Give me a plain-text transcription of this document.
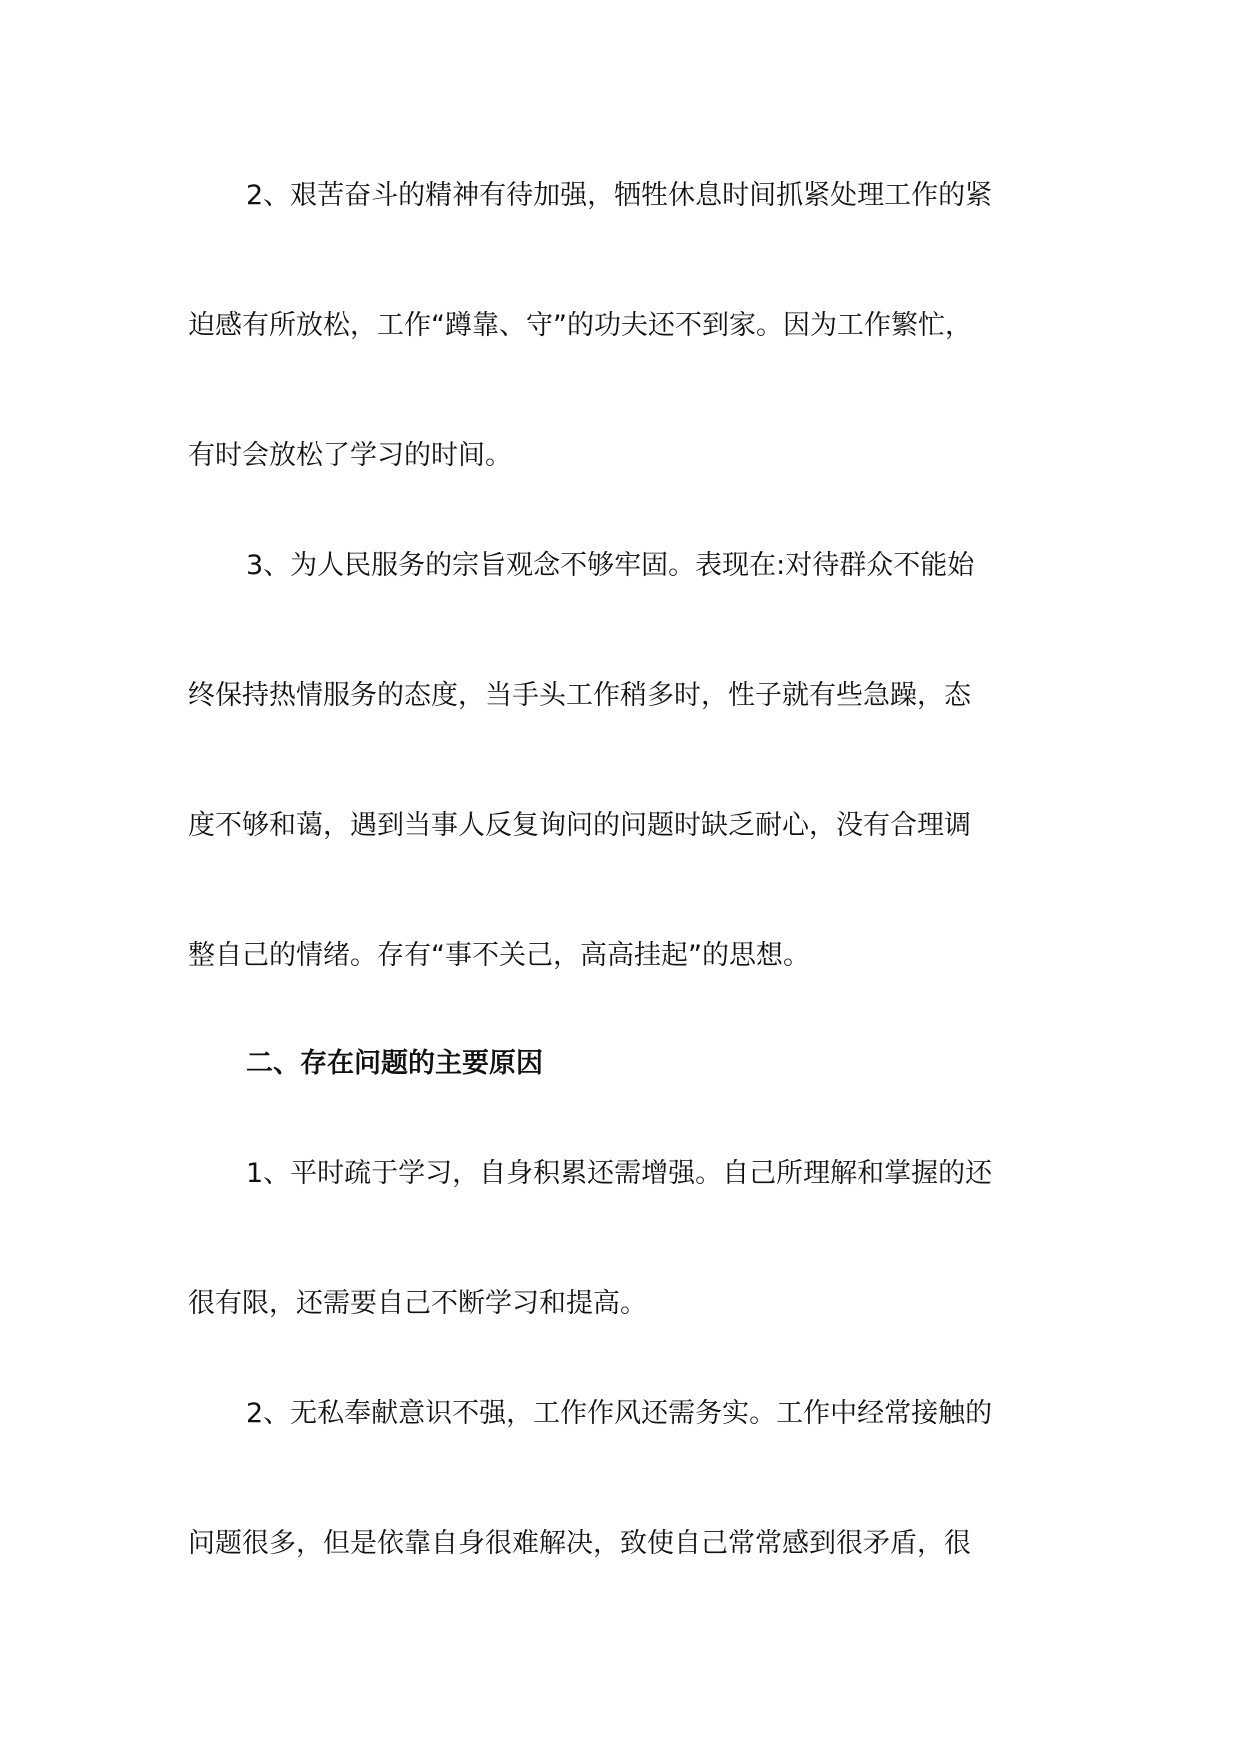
2、艰苦奋斗的精神有待加强，牺牲休息时间抓紧处理工作的紧
迫感有所放松，工作“蹲靠、守”的功夫还不到家。因为工作繁忙，
有时会放松了学习的时间。
3、为人民服务的宗旨观念不够牢固。表现在:对待群众不能始
终保持热情服务的态度，当手头工作稍多时，性子就有些急躁，态
度不够和蔼，遇到当事人反复询问的问题时缺乏耐心，没有合理调
整自己的情绪。存有“事不关己，高高挂起”的思想。
二、存在问题的主要原因
1、平时疏于学习，自身积累还需增强。自己所理解和掌握的还
很有限，还需要自己不断学习和提高。
2、无私奉献意识不强，工作作风还需务实。工作中经常接触的
问题很多，但是依靠自身很难解决，致使自己常常感到很矛盾，很
